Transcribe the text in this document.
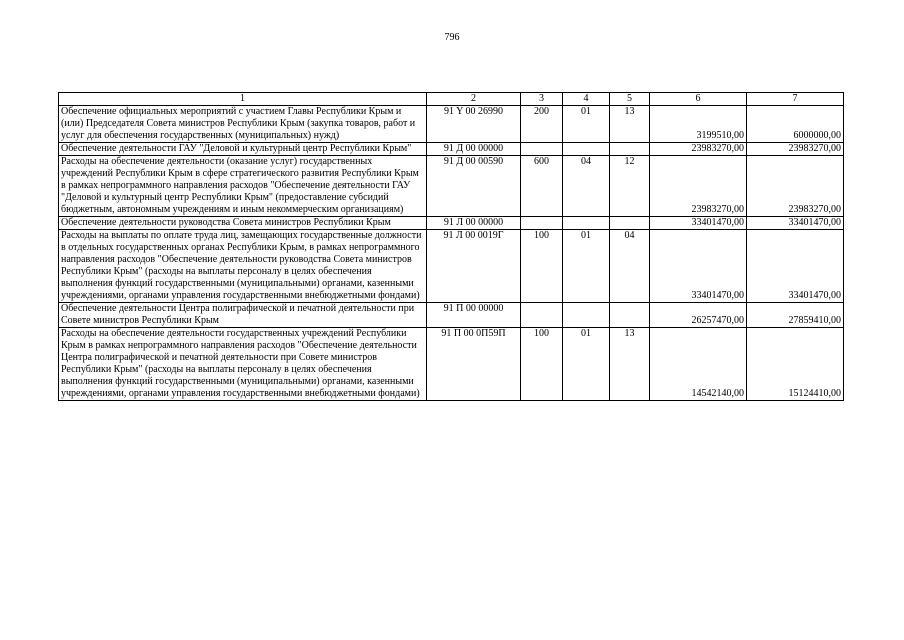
796
1	2	3	4	5	6	7
Обеспечение официальных мероприятий с участием Главы Республики Крым и (или) Председателя Совета министров Республики Крым (закупка товаров, работ и услуг для обеспечения государственных (муниципальных) нужд)	91 Y 00 26990	200	01	13	3199510,00	6000000,00
Обеспечение деятельности ГАУ "Деловой и культурный центр Республики Крым"	91 Д 00 00000				23983270,00	23983270,00
Расходы на обеспечение деятельности (оказание услуг) государственных учреждений Республики Крым в сфере стратегического развития Республики Крым в рамках непрограммного направления расходов "Обеспечение деятельности ГАУ "Деловой и культурный центр Республики Крым" (предоставление субсидий бюджетным, автономным учреждениям и иным некоммерческим организациям)	91 Д 00 00590	600	04	12	23983270,00	23983270,00
Обеспечение деятельности руководства Совета министров Республики Крым	91 Л 00 00000				33401470,00	33401470,00
Расходы на выплаты по оплате труда лиц, замещающих государственные должности в отдельных государственных органах Республики Крым, в рамках непрограммного направления расходов "Обеспечение деятельности руководства Совета министров Республики Крым" (расходы на выплаты персоналу в целях обеспечения выполнения функций государственными (муниципальными) органами, казенными учреждениями, органами управления государственными внебюджетными фондами)	91 Л 00 0019Г	100	01	04	33401470,00	33401470,00
Обеспечение деятельности Центра полиграфической и печатной деятельности при Совете министров Республики Крым	91 П 00 00000				26257470,00	27859410,00
Расходы на обеспечение деятельности государственных учреждений Республики Крым в рамках непрограммного направления расходов "Обеспечение деятельности Центра полиграфической и печатной деятельности при Совете министров Республики Крым" (расходы на выплаты персоналу в целях обеспечения выполнения функций государственными (муниципальными) органами, казенными учреждениями, органами управления государственными внебюджетными фондами)	91 П 00 0П59П	100	01	13	14542140,00	15124410,00
